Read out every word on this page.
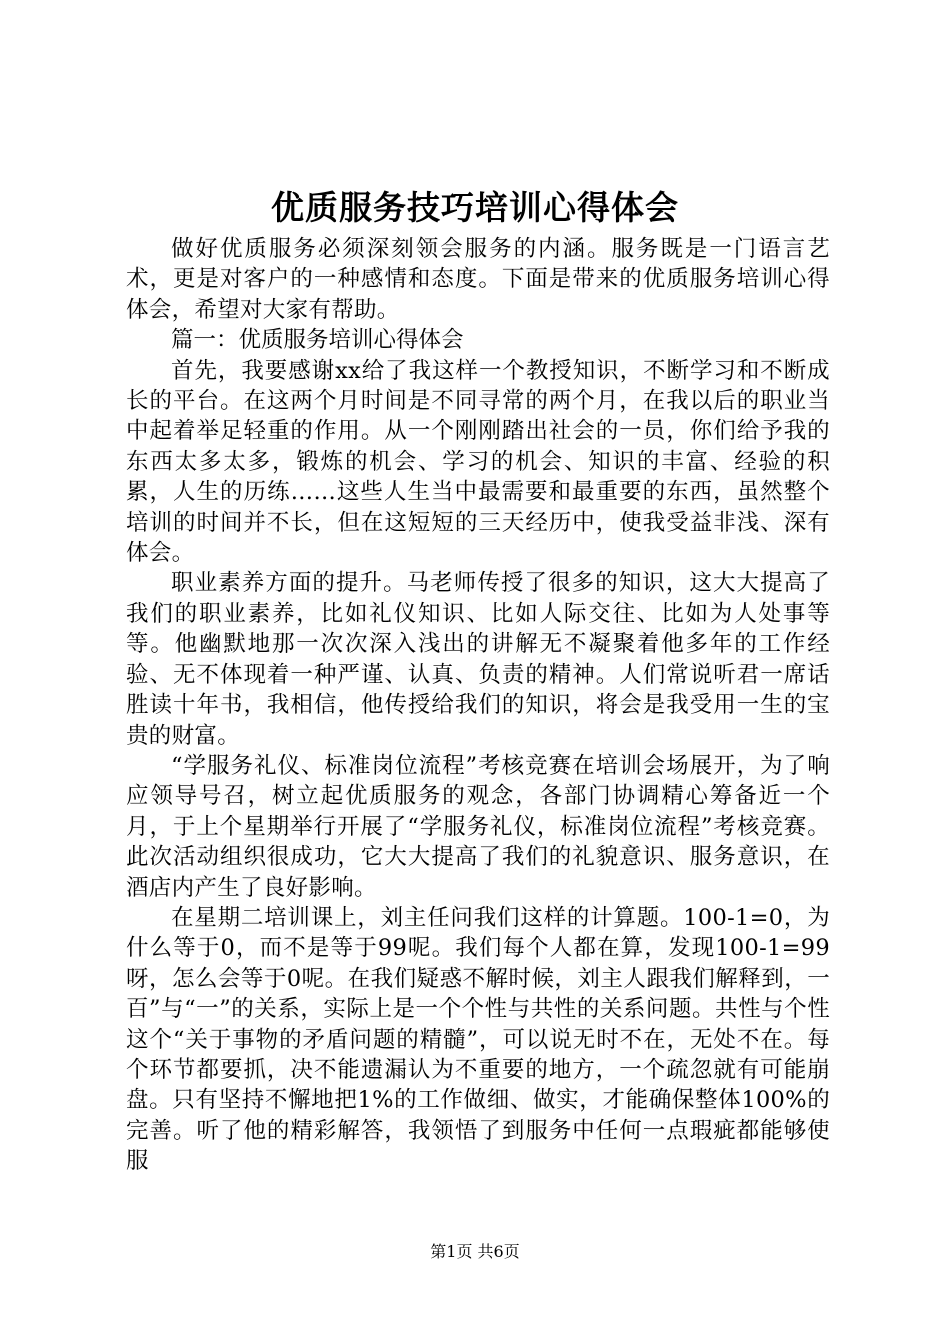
优质服务技巧培训心得体会

做好优质服务必须深刻领会服务的内涵。服务既是一门语言艺术，更是对客户的一种感情和态度。下面是带来的优质服务培训心得体会，希望对大家有帮助。

篇一：优质服务培训心得体会

首先，我要感谢xx给了我这样一个教授知识，不断学习和不断成长的平台。在这两个月时间是不同寻常的两个月，在我以后的职业当中起着举足轻重的作用。从一个刚刚踏出社会的一员，你们给予我的东西太多太多，锻炼的机会、学习的机会、知识的丰富、经验的积累，人生的历练……这些人生当中最需要和最重要的东西，虽然整个培训的时间并不长，但在这短短的三天经历中，使我受益非浅、深有体会。

职业素养方面的提升。马老师传授了很多的知识，这大大提高了我们的职业素养，比如礼仪知识、比如人际交往、比如为人处事等等。他幽默地那一次次深入浅出的讲解无不凝聚着他多年的工作经验、无不体现着一种严谨、认真、负责的精神。人们常说听君一席话胜读十年书，我相信，他传授给我们的知识，将会是我受用一生的宝贵的财富。

“学服务礼仪、标准岗位流程”考核竞赛在培训会场展开，为了响应领导号召，树立起优质服务的观念，各部门协调精心筹备近一个月，于上个星期举行开展了“学服务礼仪，标准岗位流程”考核竞赛。此次活动组织很成功，它大大提高了我们的礼貌意识、服务意识，在酒店内产生了良好影响。

在星期二培训课上，刘主任问我们这样的计算题。100-1=0，为什么等于0，而不是等于99呢。我们每个人都在算，发现100-1=99呀，怎么会等于0呢。在我们疑惑不解时候，刘主人跟我们解释到，一百”与“一”的关系，实际上是一个个性与共性的关系问题。共性与个性这个“关于事物的矛盾问题的精髓”，可以说无时不在，无处不在。每个环节都要抓，决不能遗漏认为不重要的地方，一个疏忽就有可能崩盘。只有坚持不懈地把1%的工作做细、做实，才能确保整体100%的完善。听了他的精彩解答，我领悟了到服务中任何一点瑕疵都能够使服

第1页 共6页
